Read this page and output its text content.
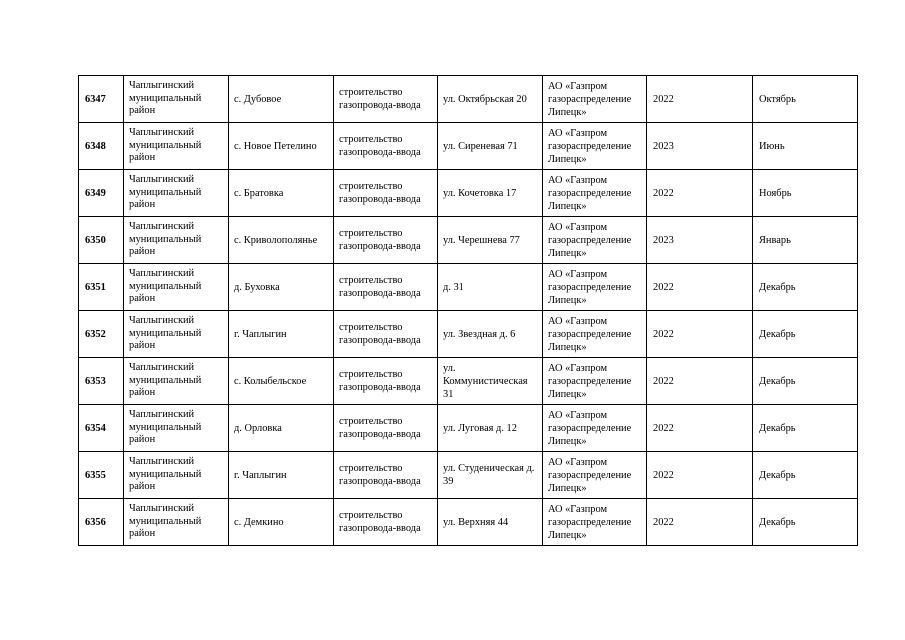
6347	Чаплыгинский муниципальный район	с. Дубовое	строительство газопровода-ввода	ул. Октябрьская 20	АО «Газпром газораспределение Липецк»	2022	Октябрь
6348	Чаплыгинский муниципальный район	с. Новое Петелино	строительство газопровода-ввода	ул. Сиреневая 71	АО «Газпром газораспределение Липецк»	2023	Июнь
6349	Чаплыгинский муниципальный район	с. Братовка	строительство газопровода-ввода	ул. Кочетовка 17	АО «Газпром газораспределение Липецк»	2022	Ноябрь
6350	Чаплыгинский муниципальный район	с. Криволополянье	строительство газопровода-ввода	ул. Черешнева 77	АО «Газпром газораспределение Липецк»	2023	Январь
6351	Чаплыгинский муниципальный район	д. Буховка	строительство газопровода-ввода	д. 31	АО «Газпром газораспределение Липецк»	2022	Декабрь
6352	Чаплыгинский муниципальный район	г. Чаплыгин	строительство газопровода-ввода	ул. Звездная д. 6	АО «Газпром газораспределение Липецк»	2022	Декабрь
6353	Чаплыгинский муниципальный район	с. Колыбельское	строительство газопровода-ввода	ул. Коммунистическая 31	АО «Газпром газораспределение Липецк»	2022	Декабрь
6354	Чаплыгинский муниципальный район	д. Орловка	строительство газопровода-ввода	ул. Луговая д. 12	АО «Газпром газораспределение Липецк»	2022	Декабрь
6355	Чаплыгинский муниципальный район	г. Чаплыгин	строительство газопровода-ввода	ул. Студеническая д. 39	АО «Газпром газораспределение Липецк»	2022	Декабрь
6356	Чаплыгинский муниципальный район	с. Демкино	строительство газопровода-ввода	ул. Верхняя 44	АО «Газпром газораспределение Липецк»	2022	Декабрь
